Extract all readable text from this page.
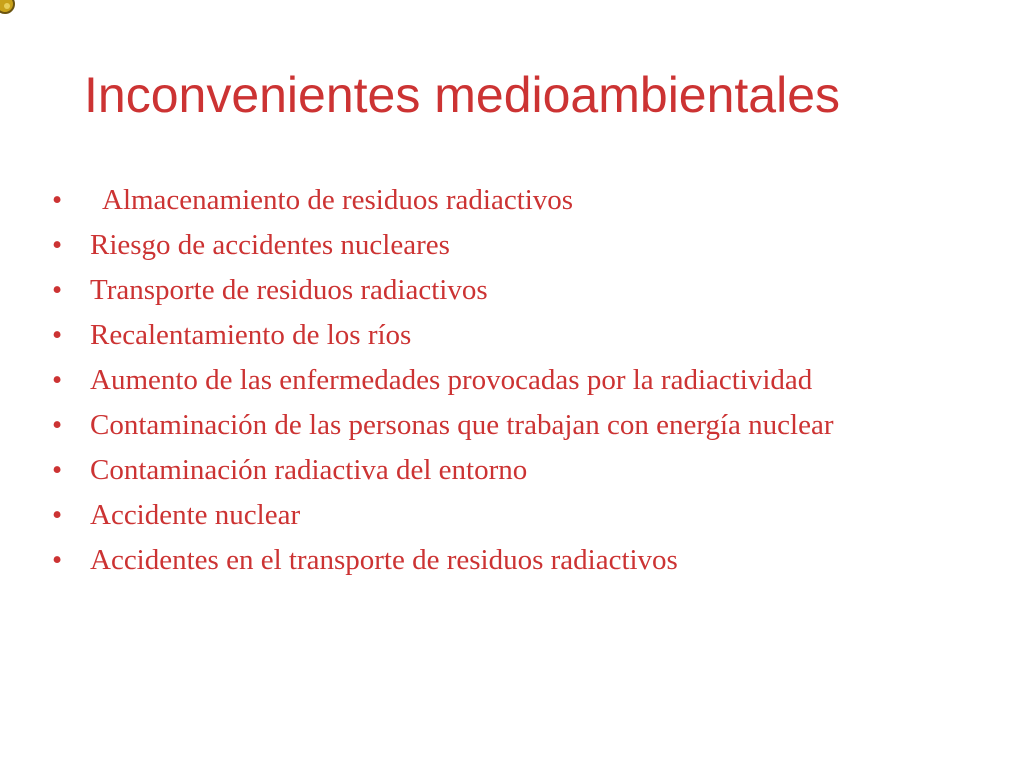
Inconvenientes medioambientales
•	Almacenamiento de residuos radiactivos
• Riesgo de accidentes nucleares
• Transporte de residuos radiactivos
• Recalentamiento de los ríos
• Aumento de las enfermedades provocadas por la radiactividad
• Contaminación de las personas que trabajan con energía nuclear
• Contaminación radiactiva del entorno
• Accidente nuclear
• Accidentes en el transporte de residuos radiactivos
